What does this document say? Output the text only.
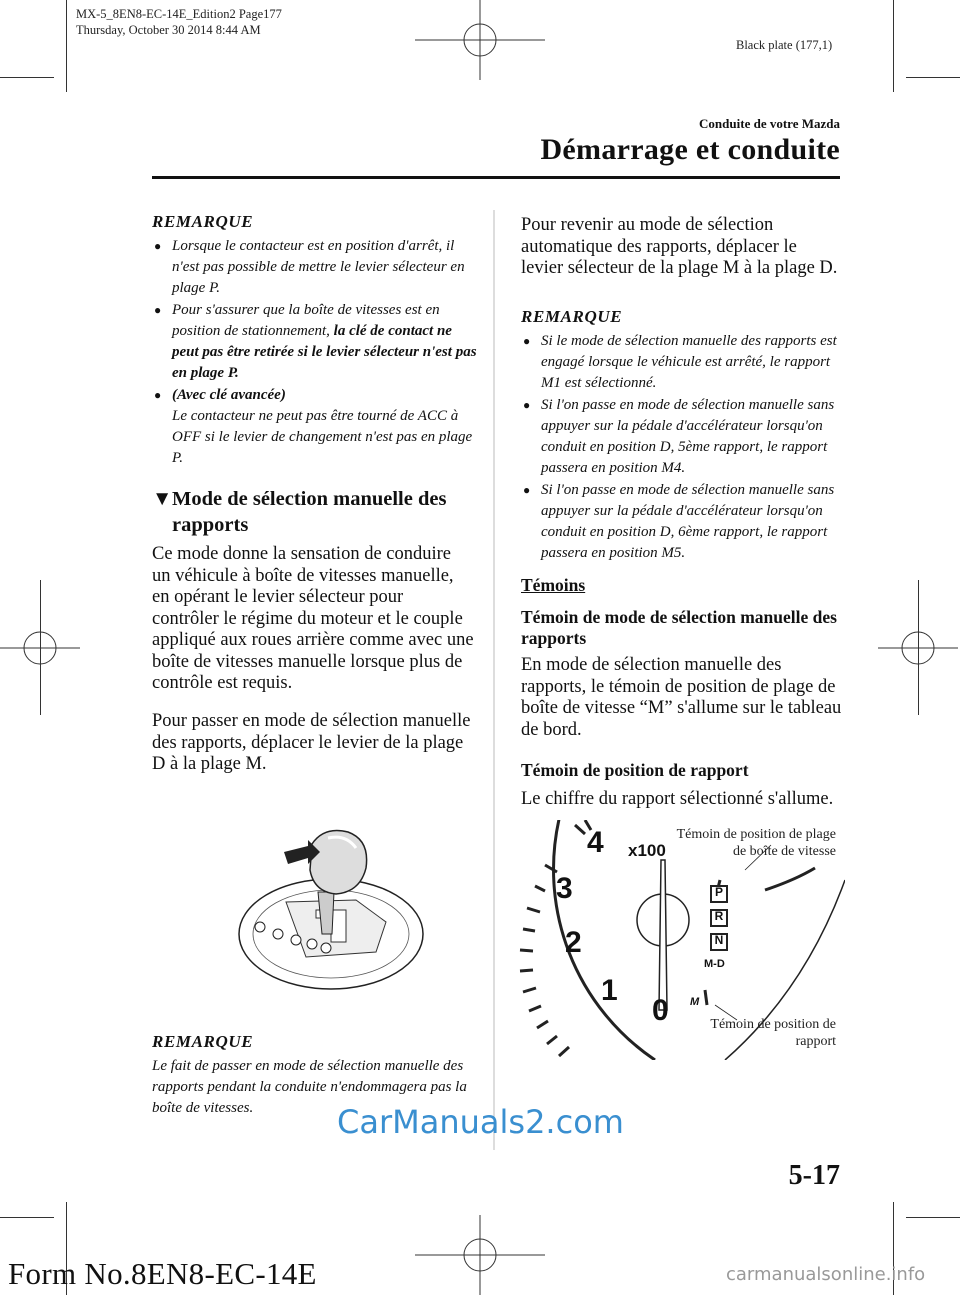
MX-5_8EN8-EC-14E_Edition2 Page177
Thursday, October 30 2014 8:44 AM
Black plate (177,1)
Conduite de votre Mazda
Démarrage et conduite

REMARQUE

● Lorsque le contacteur est en position d'arrêt, il n'est pas possible de mettre le levier sélecteur en plage P.
● Pour s'assurer que la boîte de vitesses est en position de stationnement, la clé de contact ne peut pas être retirée si le levier sélecteur n'est pas en plage P.
● (Avec clé avancée)
Le contacteur ne peut pas être tourné de ACC à OFF si le levier de changement n'est pas en plage P.
▼ Mode de sélection manuelle des rapports

Ce mode donne la sensation de conduire un véhicule à boîte de vitesses manuelle, en opérant le levier sélecteur pour contrôler le régime du moteur et le couple appliqué aux roues arrière comme avec une boîte de vitesses manuelle lorsque plus de contrôle est requis.

Pour passer en mode de sélection manuelle des rapports, déplacer le levier de la plage D à la plage M.

REMARQUE

Le fait de passer en mode de sélection manuelle des rapports pendant la conduite n'endommagera pas la boîte de vitesses.

Pour revenir au mode de sélection automatique des rapports, déplacer le levier sélecteur de la plage M à la plage D.

REMARQUE

● Si le mode de sélection manuelle des rapports est engagé lorsque le véhicule est arrêté, le rapport M1 est sélectionné.
● Si l'on passe en mode de sélection manuelle sans appuyer sur la pédale d'accélérateur lorsqu'on conduit en position D, 5ème rapport, le rapport passera en position M4.
● Si l'on passe en mode de sélection manuelle sans appuyer sur la pédale d'accélérateur lorsqu'on conduit en position D, 6ème rapport, le rapport passera en position M5.
Témoins

Témoin de mode de sélection manuelle des rapports

En mode de sélection manuelle des rapports, le témoin de position de plage de boîte de vitesse “M” s'allume sur le tableau de bord.

Témoin de position de rapport

Le chiffre du rapport sélectionné s'allume.

4
3
2
1
0
x100
P
R
N
M-D
M
Témoin de position de plage de boîte de vitesse
Témoin de position de rapport
5-17
Form No.8EN8-EC-14E
CarManuals2.com
carmanualsonline.info
